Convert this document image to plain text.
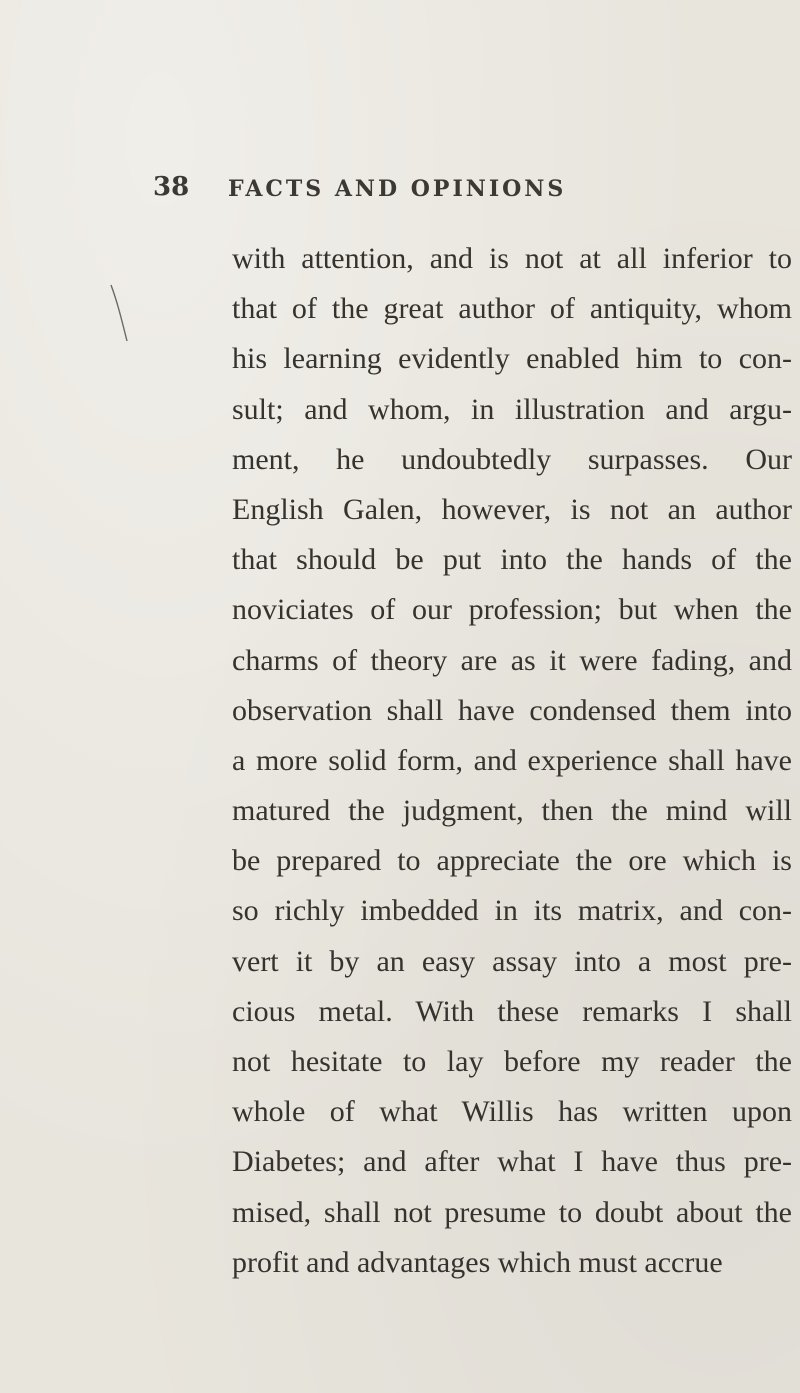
38 FACTS AND OPINIONS
with attention, and is not at all inferior to
that of the great author of antiquity, whom
his learning evidently enabled him to con-
sult; and whom, in illustration and argu-
ment, he undoubtedly surpasses. Our
English Galen, however, is not an author
that should be put into the hands of the
noviciates of our profession; but when the
charms of theory are as it were fading, and
observation shall have condensed them into
a more solid form, and experience shall have
matured the judgment, then the mind will
be prepared to appreciate the ore which is
so richly imbedded in its matrix, and con-
vert it by an easy assay into a most pre-
cious metal. With these remarks I shall
not hesitate to lay before my reader the
whole of what Willis has written upon
Diabetes; and after what I have thus pre-
mised, shall not presume to doubt about the
profit and advantages which must accrue
